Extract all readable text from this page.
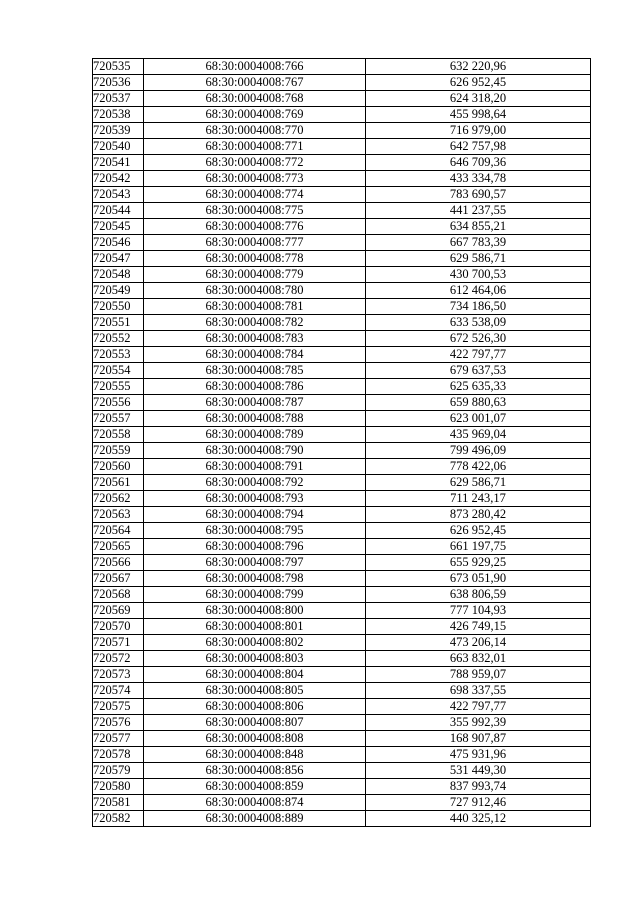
720535	68:30:0004008:766	632 220,96
720536	68:30:0004008:767	626 952,45
720537	68:30:0004008:768	624 318,20
720538	68:30:0004008:769	455 998,64
720539	68:30:0004008:770	716 979,00
720540	68:30:0004008:771	642 757,98
720541	68:30:0004008:772	646 709,36
720542	68:30:0004008:773	433 334,78
720543	68:30:0004008:774	783 690,57
720544	68:30:0004008:775	441 237,55
720545	68:30:0004008:776	634 855,21
720546	68:30:0004008:777	667 783,39
720547	68:30:0004008:778	629 586,71
720548	68:30:0004008:779	430 700,53
720549	68:30:0004008:780	612 464,06
720550	68:30:0004008:781	734 186,50
720551	68:30:0004008:782	633 538,09
720552	68:30:0004008:783	672 526,30
720553	68:30:0004008:784	422 797,77
720554	68:30:0004008:785	679 637,53
720555	68:30:0004008:786	625 635,33
720556	68:30:0004008:787	659 880,63
720557	68:30:0004008:788	623 001,07
720558	68:30:0004008:789	435 969,04
720559	68:30:0004008:790	799 496,09
720560	68:30:0004008:791	778 422,06
720561	68:30:0004008:792	629 586,71
720562	68:30:0004008:793	711 243,17
720563	68:30:0004008:794	873 280,42
720564	68:30:0004008:795	626 952,45
720565	68:30:0004008:796	661 197,75
720566	68:30:0004008:797	655 929,25
720567	68:30:0004008:798	673 051,90
720568	68:30:0004008:799	638 806,59
720569	68:30:0004008:800	777 104,93
720570	68:30:0004008:801	426 749,15
720571	68:30:0004008:802	473 206,14
720572	68:30:0004008:803	663 832,01
720573	68:30:0004008:804	788 959,07
720574	68:30:0004008:805	698 337,55
720575	68:30:0004008:806	422 797,77
720576	68:30:0004008:807	355 992,39
720577	68:30:0004008:808	168 907,87
720578	68:30:0004008:848	475 931,96
720579	68:30:0004008:856	531 449,30
720580	68:30:0004008:859	837 993,74
720581	68:30:0004008:874	727 912,46
720582	68:30:0004008:889	440 325,12
